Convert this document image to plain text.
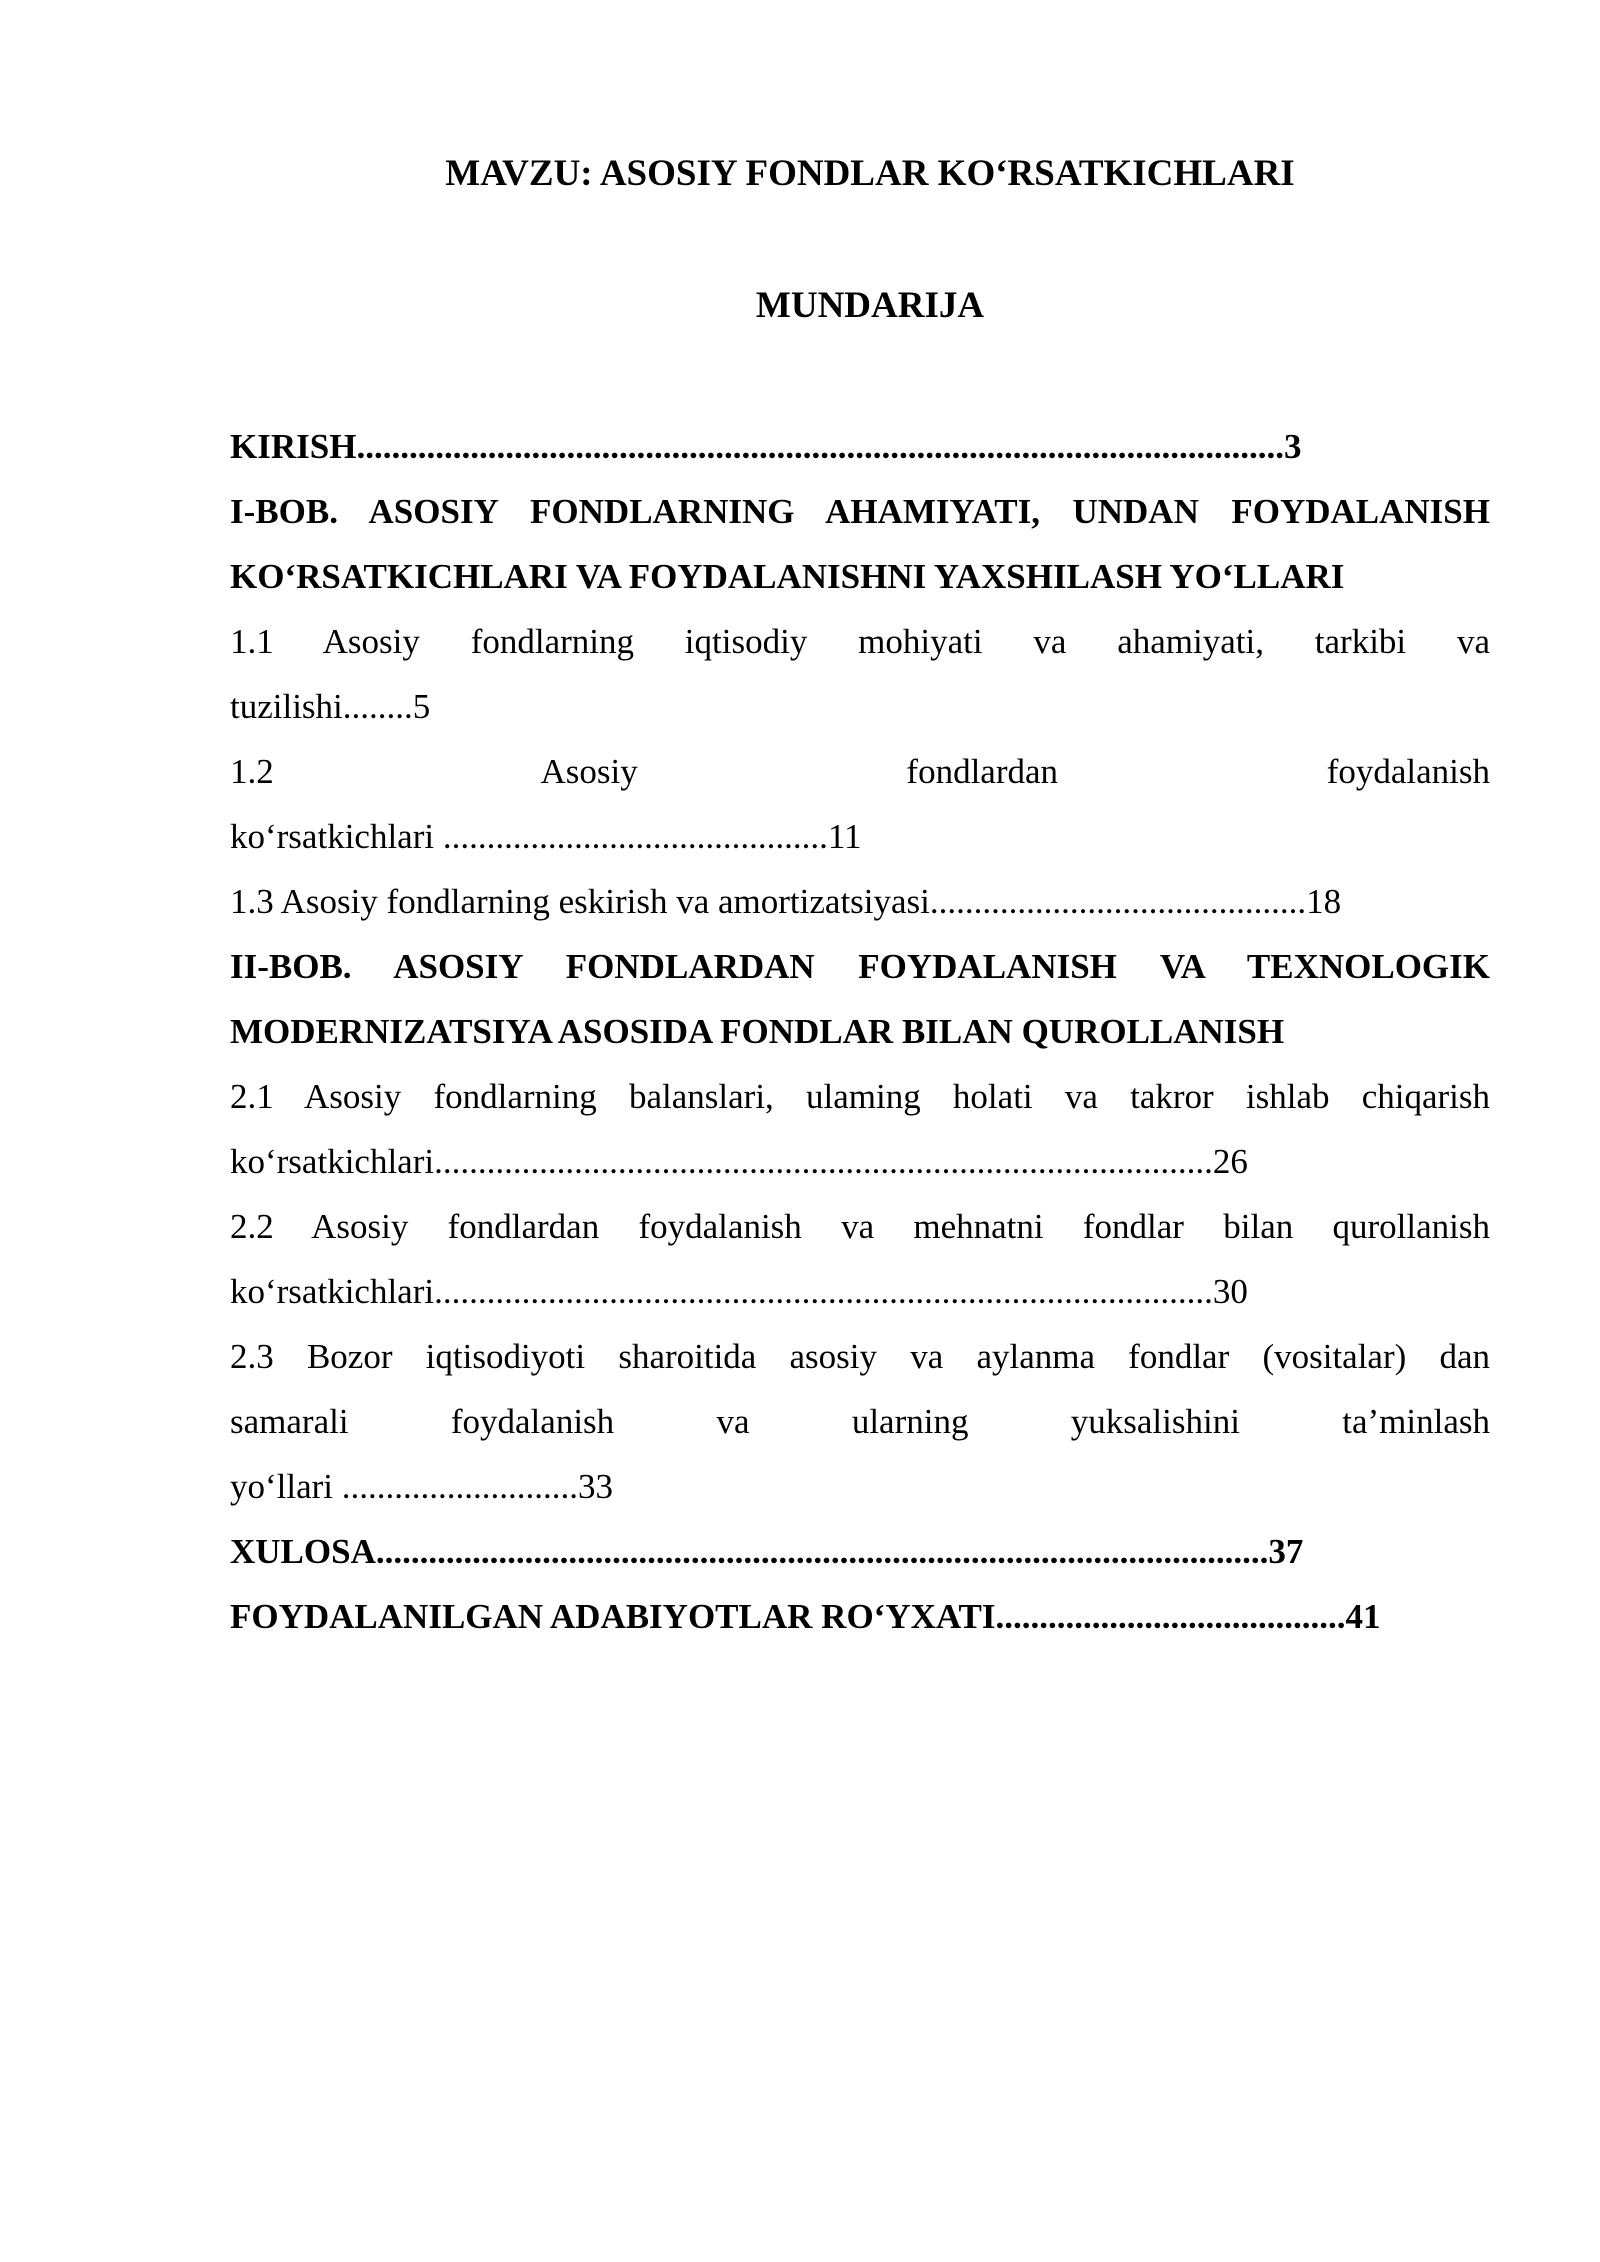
MAVZU: ASOSIY FONDLAR KO‘RSATKICHLARI
MUNDARIJA
KIRISH..........................................................................................................3
I-BOB. ASOSIY FONDLARNING AHAMIYATI, UNDAN FOYDALANISH
KO‘RSATKICHLARI VA FOYDALANISHNI YAXSHILASH YO‘LLARI
1.1 Asosiy fondlarning iqtisodiy mohiyati va ahamiyati, tarkibi va
tuzilishi........5
1.2 Asosiy fondlardan foydalanish
ko‘rsatkichlari ............................................11
1.3 Asosiy fondlarning eskirish va amortizatsiyasi...........................................18
II-BOB. ASOSIY FONDLARDAN FOYDALANISH VA TEXNOLOGIK
MODERNIZATSIYA ASOSIDA FONDLAR BILAN QUROLLANISH
2.1 Asosiy fondlarning balanslari, ulaming holati va takror ishlab chiqarish
ko‘rsatkichlari.........................................................................................26
2.2 Asosiy fondlardan foydalanish va mehnatni fondlar bilan qurollanish
ko‘rsatkichlari.........................................................................................30
2.3 Bozor iqtisodiyoti sharoitida asosiy va aylanma fondlar (vositalar) dan
samarali foydalanish va ularning yuksalishini ta’minlash
yo‘llari ...........................33
XULOSA......................................................................................................37
FOYDALANILGAN ADABIYOTLAR RO‘YXATI........................................41
